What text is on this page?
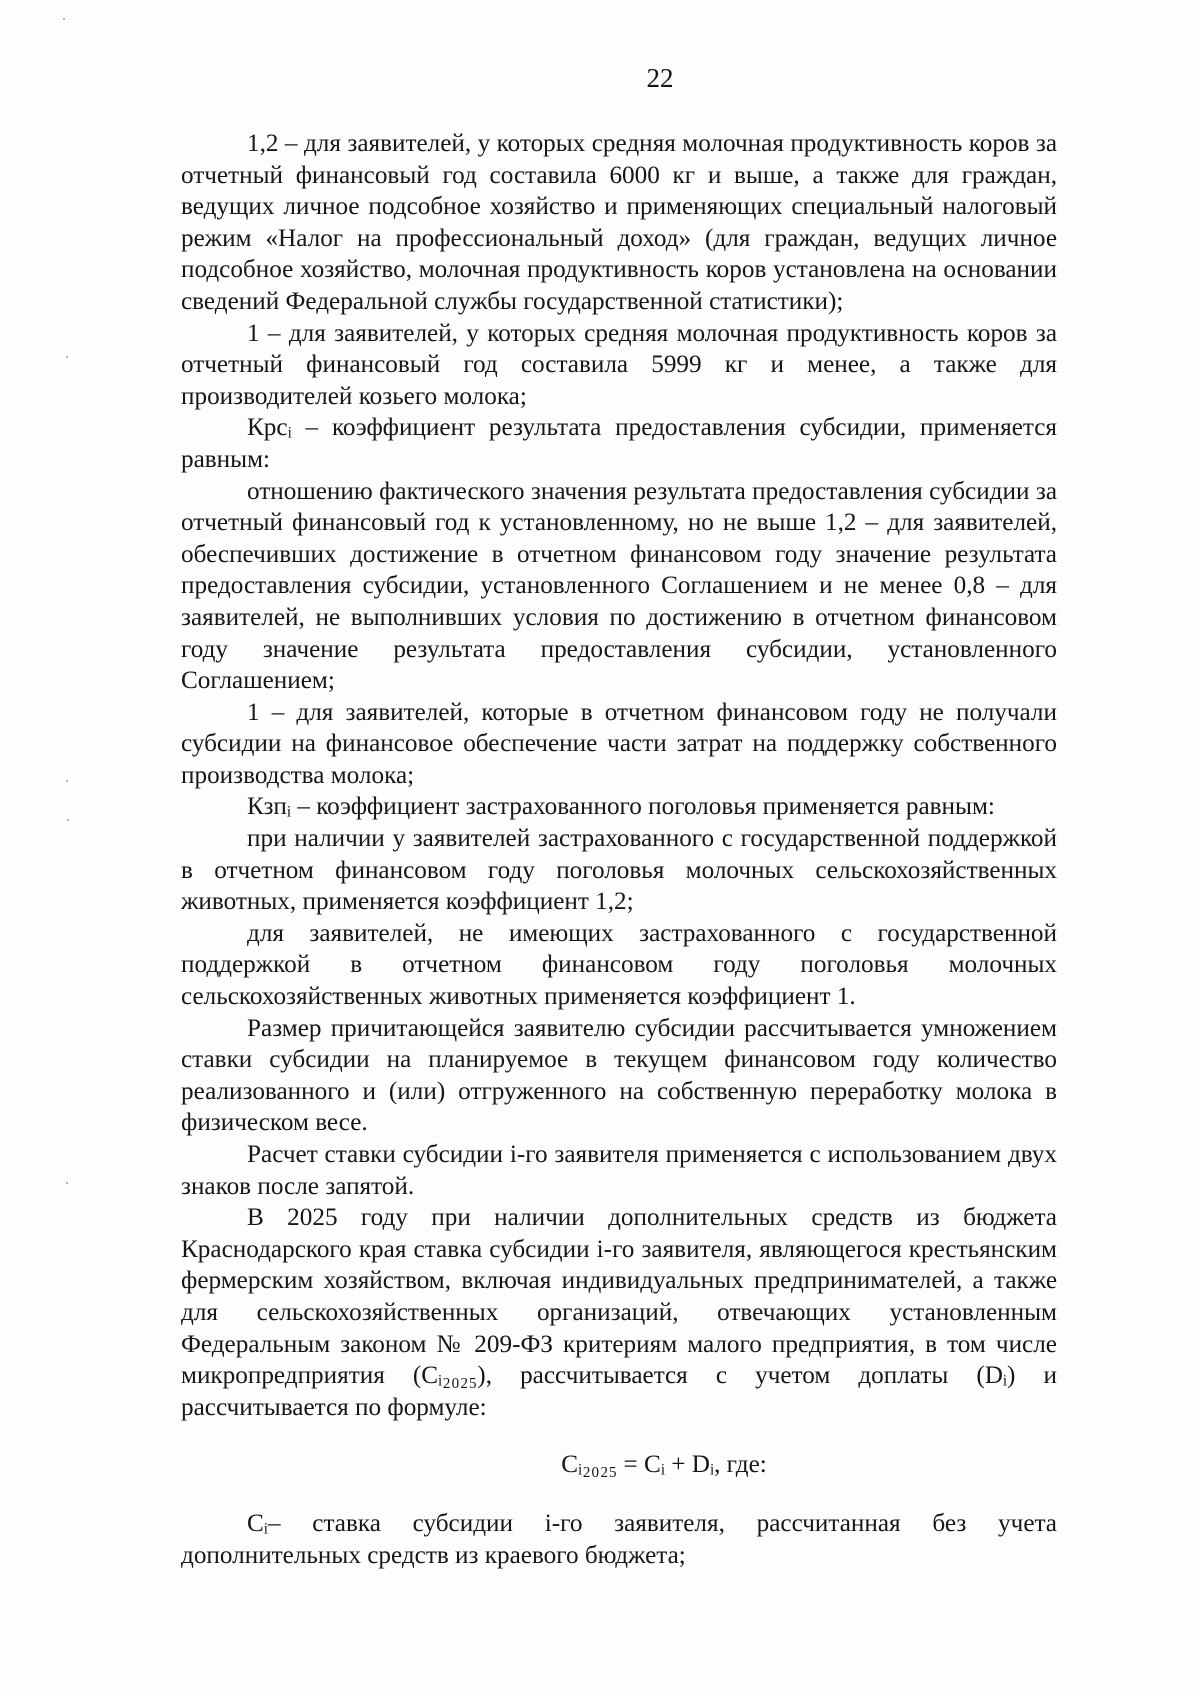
22

1,2 – для заявителей, у которых средняя молочная продуктивность коров за отчетный финансовый год составила 6000 кг и выше, а также для граждан, ведущих личное подсобное хозяйство и применяющих специальный налоговый режим «Налог на профессиональный доход» (для граждан, ведущих личное подсобное хозяйство, молочная продуктивность коров установлена на основании сведений Федеральной службы государственной статистики);

1 – для заявителей, у которых средняя молочная продуктивность коров за отчетный финансовый год составила 5999 кг и менее, а также для производителей козьего молока;

Крсᵢ – коэффициент результата предоставления субсидии, применяется равным:

отношению фактического значения результата предоставления субсидии за отчетный финансовый год к установленному, но не выше 1,2 – для заявителей, обеспечивших достижение в отчетном финансовом году значение результата предоставления субсидии, установленного Соглашением и не менее 0,8 – для заявителей, не выполнивших условия по достижению в отчетном финансовом году значение результата предоставления субсидии, установленного Соглашением;

1 – для заявителей, которые в отчетном финансовом году не получали субсидии на финансовое обеспечение части затрат на поддержку собственного производства молока;

Кзпᵢ – коэффициент застрахованного поголовья применяется равным:

при наличии у заявителей застрахованного с государственной поддержкой в отчетном финансовом году поголовья молочных сельскохозяйственных животных, применяется коэффициент 1,2;

для заявителей, не имеющих застрахованного с государственной поддержкой в отчетном финансовом году поголовья молочных сельскохозяйственных животных применяется коэффициент 1.

Размер причитающейся заявителю субсидии рассчитывается умножением ставки субсидии на планируемое в текущем финансовом году количество реализованного и (или) отгруженного на собственную переработку молока в физическом весе.

Расчет ставки субсидии i-го заявителя применяется с использованием двух знаков после запятой.

В 2025 году при наличии дополнительных средств из бюджета Краснодарского края ставка субсидии i-го заявителя, являющегося крестьянским фермерским хозяйством, включая индивидуальных предпринимателей, а также для сельскохозяйственных организаций, отвечающих установленным Федеральным законом № 209-ФЗ критериям малого предприятия, в том числе микропредприятия (Cᵢ₂₀₂₅), рассчитывается с учетом доплаты (Dᵢ) и рассчитывается по формуле:

Cᵢ₂₀₂₅ = Cᵢ + Dᵢ, где:

Cᵢ– ставка субсидии i-го заявителя, рассчитанная без учета дополнительных средств из краевого бюджета;
